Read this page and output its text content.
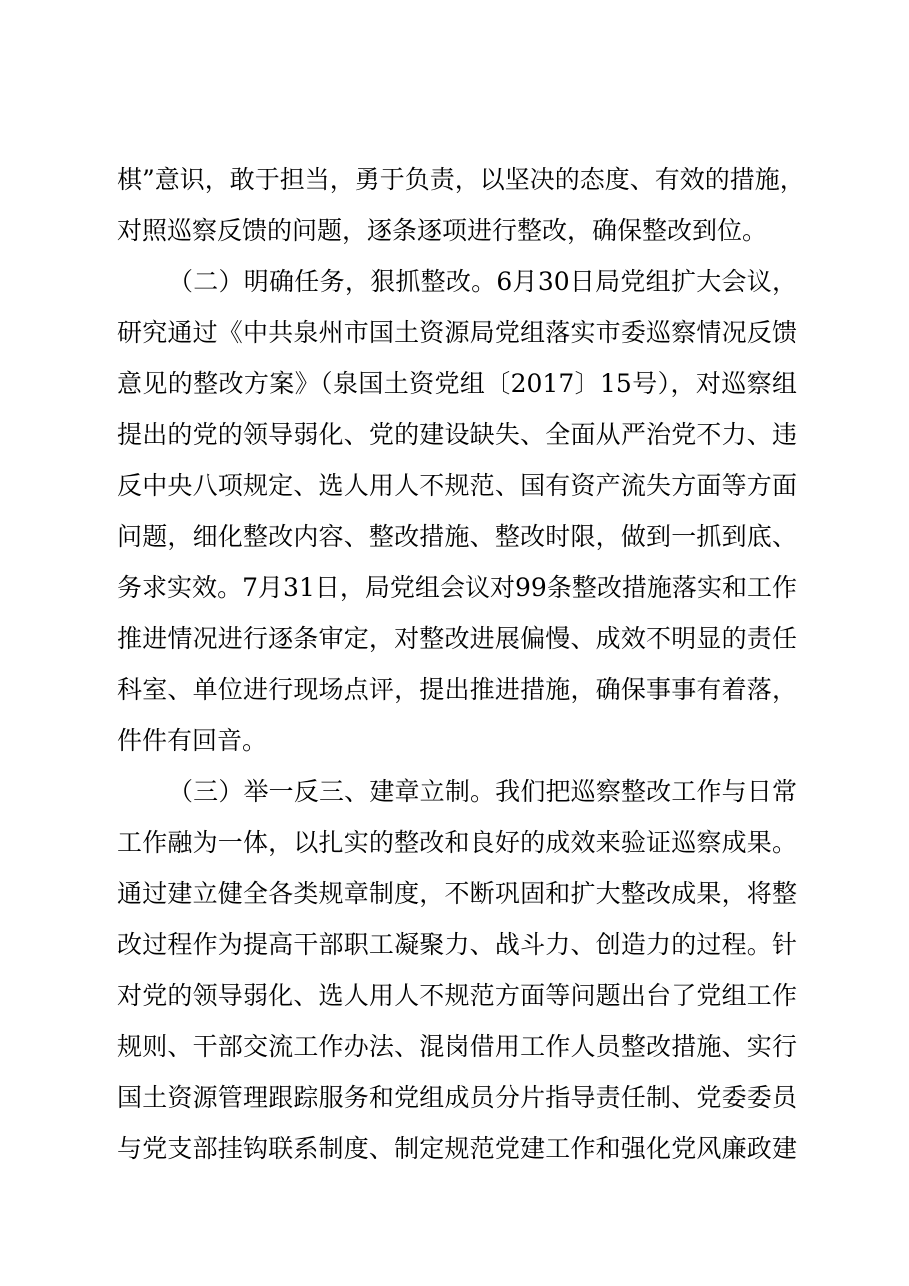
棋”意识，敢于担当，勇于负责，以坚决的态度、有效的措施，
对照巡察反馈的问题，逐条逐项进行整改，确保整改到位。
（二）明确任务，狠抓整改。6月30日局党组扩大会议，
研究通过《中共泉州市国土资源局党组落实市委巡察情况反馈
意见的整改方案》（泉国土资党组〔2017〕15号），对巡察组
提出的党的领导弱化、党的建设缺失、全面从严治党不力、违
反中央八项规定、选人用人不规范、国有资产流失方面等方面
问题，细化整改内容、整改措施、整改时限，做到一抓到底、
务求实效。7月31日，局党组会议对99条整改措施落实和工作
推进情况进行逐条审定，对整改进展偏慢、成效不明显的责任
科室、单位进行现场点评，提出推进措施，确保事事有着落，
件件有回音。
（三）举一反三、建章立制。我们把巡察整改工作与日常
工作融为一体，以扎实的整改和良好的成效来验证巡察成果。
通过建立健全各类规章制度，不断巩固和扩大整改成果，将整
改过程作为提高干部职工凝聚力、战斗力、创造力的过程。针
对党的领导弱化、选人用人不规范方面等问题出台了党组工作
规则、干部交流工作办法、混岗借用工作人员整改措施、实行
国土资源管理跟踪服务和党组成员分片指导责任制、党委委员
与党支部挂钩联系制度、制定规范党建工作和强化党风廉政建
